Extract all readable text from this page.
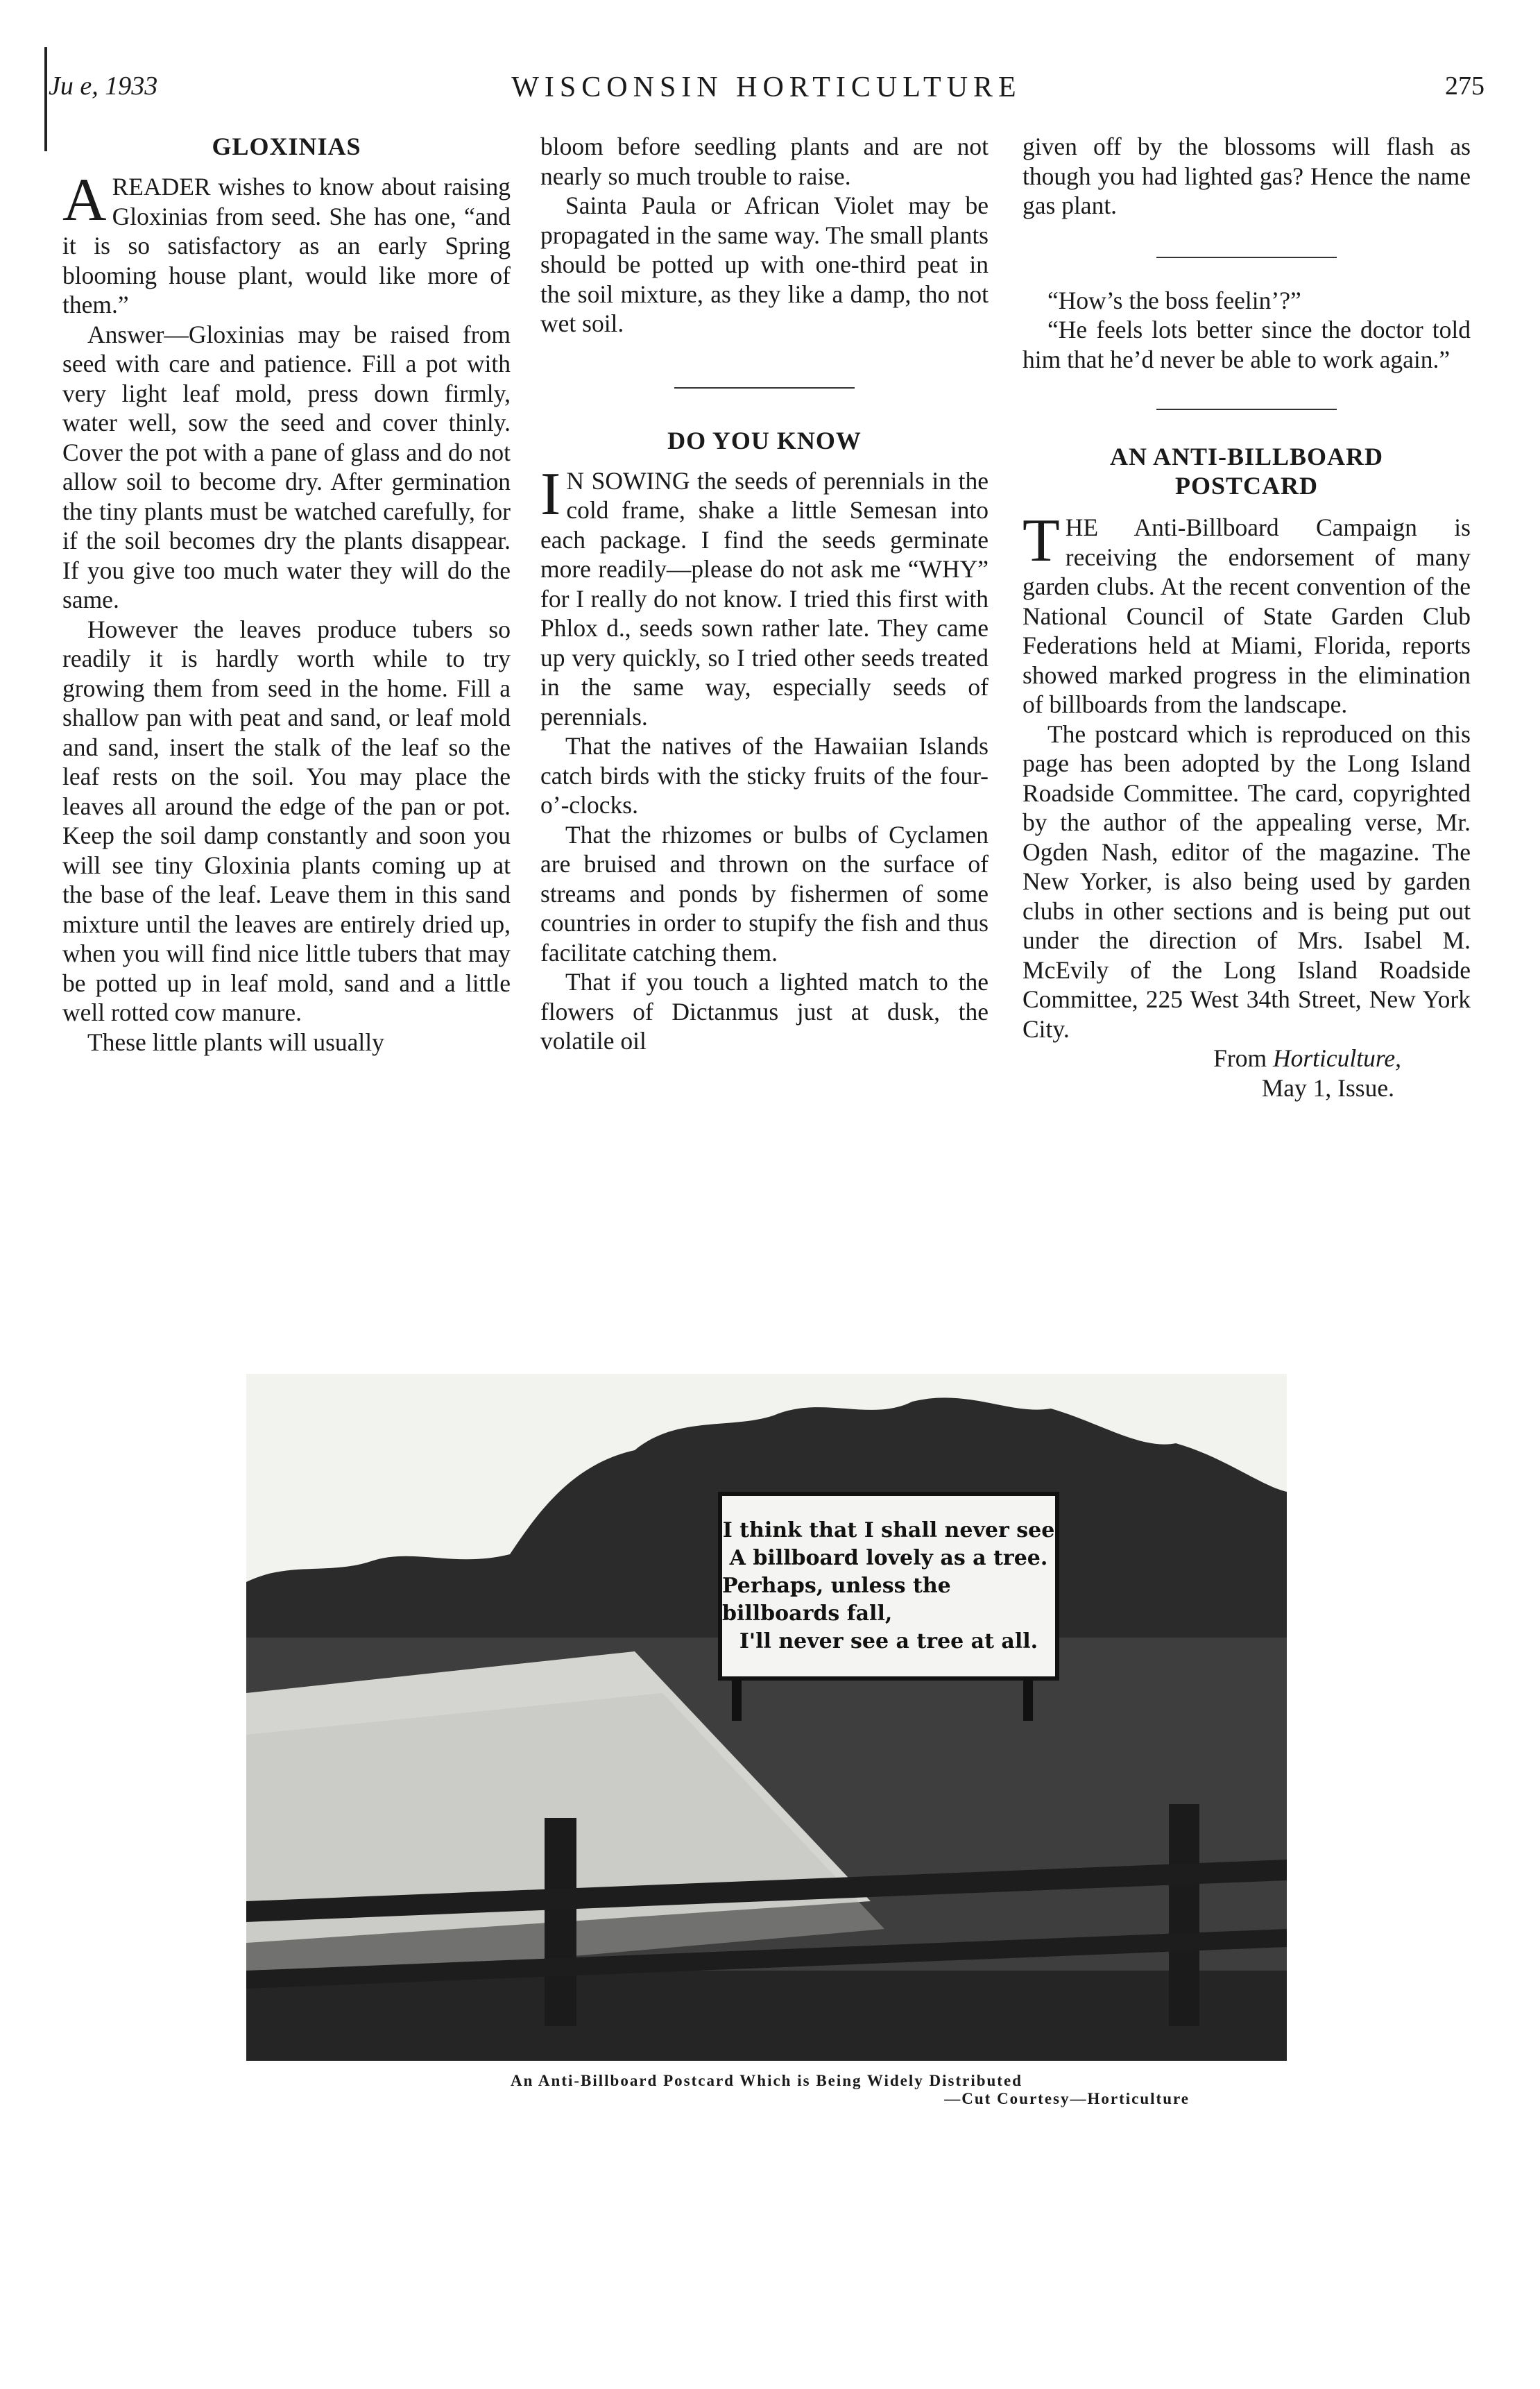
WISCONSIN HORTICULTURE
Ju e, 1933	275
GLOXINIAS

AREADER wishes to know about raising Gloxinias from seed. She has one, “and it is so satisfactory as an early Spring blooming house plant, would like more of them.”

Answer—Gloxinias may be raised from seed with care and patience. Fill a pot with very light leaf mold, press down firmly, water well, sow the seed and cover thinly. Cover the pot with a pane of glass and do not allow soil to become dry. After germination the tiny plants must be watched carefully, for if the soil becomes dry the plants disappear. If you give too much water they will do the same.

However the leaves produce tubers so readily it is hardly worth while to try growing them from seed in the home. Fill a shallow pan with peat and sand, or leaf mold and sand, insert the stalk of the leaf so the leaf rests on the soil. You may place the leaves all around the edge of the pan or pot. Keep the soil damp constantly and soon you will see tiny Gloxinia plants coming up at the base of the leaf. Leave them in this sand mixture until the leaves are entirely dried up, when you will find nice little tubers that may be potted up in leaf mold, sand and a little well rotted cow manure.

These little plants will usually

bloom before seedling plants and are not nearly so much trouble to raise.

Sainta Paula or African Violet may be propagated in the same way. The small plants should be potted up with one-third peat in the soil mixture, as they like a damp, tho not wet soil.

DO YOU KNOW

I N SOWING the seeds of perennials in the cold frame, shake a little Semesan into each package. I find the seeds germinate more readily—please do not ask me “WHY” for I really do not know. I tried this first with Phlox d., seeds sown rather late. They came up very quickly, so I tried other seeds treated in the same way, especially seeds of perennials.

That the natives of the Hawaiian Islands catch birds with the sticky fruits of the four-o’-clocks.

That the rhizomes or bulbs of Cyclamen are bruised and thrown on the surface of streams and ponds by fishermen of some countries in order to stupify the fish and thus facilitate catching them.

That if you touch a lighted match to the flowers of Dictanmus just at dusk, the volatile oil

given off by the blossoms will flash as though you had lighted gas? Hence the name gas plant.

“How’s the boss feelin’?”

“He feels lots better since the doctor told him that he’d never be able to work again.”

AN ANTI-BILLBOARD
POSTCARD

THE Anti-Billboard Campaign is receiving the endorsement of many garden clubs. At the recent convention of the National Council of State Garden Club Federations held at Miami, Florida, reports showed marked progress in the elimination of billboards from the landscape.

The postcard which is reproduced on this page has been adopted by the Long Island Roadside Committee. The card, copyrighted by the author of the appealing verse, Mr. Ogden Nash, editor of the magazine. The New Yorker, is also being used by garden clubs in other sections and is being put out under the direction of Mrs. Isabel M. McEvily of the Long Island Roadside Committee, 225 West 34th Street, New York City.

From Horticulture,

May 1, Issue.

I think that I shall never see
A billboard lovely as a tree.
Perhaps, unless the billboards fall,
I'll never see a tree at all.
An Anti-Billboard Postcard Which is Being Widely Distributed
—Cut Courtesy—Horticulture
